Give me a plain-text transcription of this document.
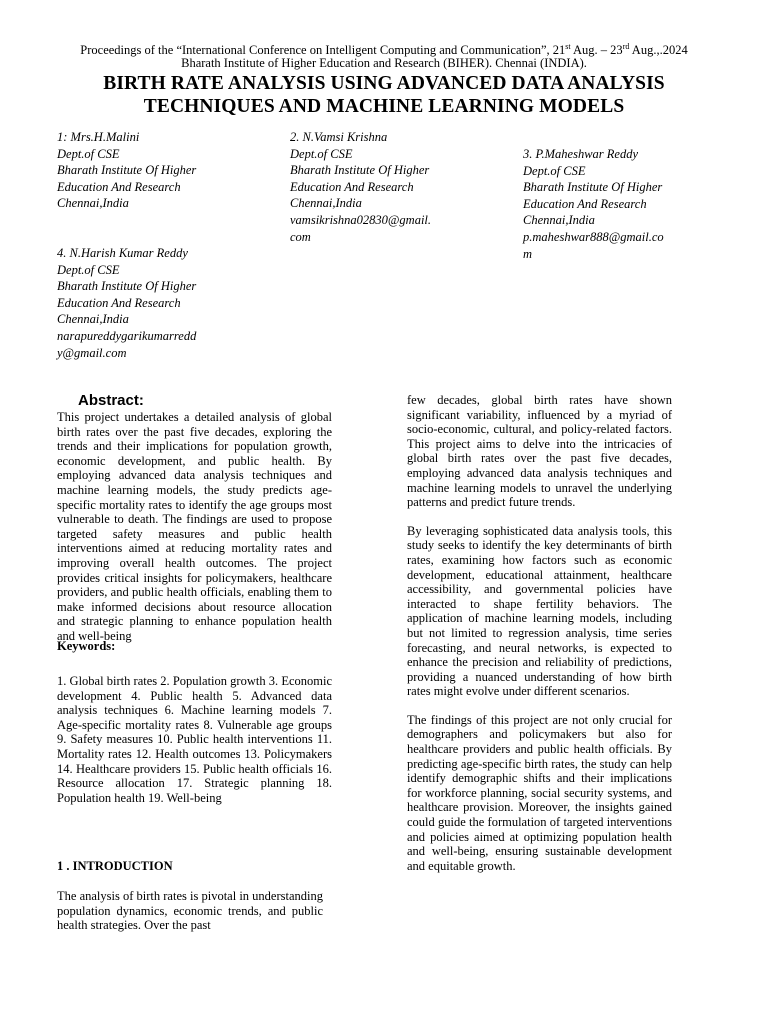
Proceedings of the “International Conference on Intelligent Computing and Communication”, 21st Aug. – 23rd Aug.,.2024
Bharath Institute of Higher Education and Research (BIHER). Chennai (INDIA).
BIRTH RATE ANALYSIS USING ADVANCED DATA ANALYSIS
TECHNIQUES AND MACHINE LEARNING MODELS
1: Mrs.H.Malini
Dept.of CSE
Bharath Institute Of Higher
Education And Research
Chennai,India
2. N.Vamsi Krishna
Dept.of CSE
Bharath Institute Of Higher
Education And Research
Chennai,India
vamsikrishna02830@gmail.
com
3. P.Maheshwar Reddy
Dept.of CSE
Bharath Institute Of Higher
Education And Research
Chennai,India
p.maheshwar888@gmail.co
m
4. N.Harish Kumar Reddy
Dept.of CSE
Bharath Institute Of Higher
Education And Research
Chennai,India
narapureddygarikumarredd
y@gmail.com
Abstract:

This project undertakes a detailed analysis of global birth rates over the past five decades, exploring the trends and their implications for population growth, economic development, and public health. By employing advanced data analysis techniques and machine learning models, the study predicts age-specific mortality rates to identify the age groups most vulnerable to death. The findings are used to propose targeted safety measures and public health interventions aimed at reducing mortality rates and improving overall health outcomes. The project provides critical insights for policymakers, healthcare providers, and public health officials, enabling them to make informed decisions about resource allocation and strategic planning to enhance population health and well-being

Keywords:

1. Global birth rates 2. Population growth 3. Economic development 4. Public health 5. Advanced data analysis techniques 6. Machine learning models 7. Age-specific mortality rates 8. Vulnerable age groups 9. Safety measures 10. Public health interventions 11. Mortality rates 12. Health outcomes 13. Policymakers 14. Healthcare providers 15. Public health officials 16. Resource allocation 17. Strategic planning 18. Population health 19. Well-being

1 . INTRODUCTION

The analysis of birth rates is pivotal in understanding population dynamics, economic trends, and public health strategies. Over the past

few decades, global birth rates have shown significant variability, influenced by a myriad of socio-economic, cultural, and policy-related factors. This project aims to delve into the intricacies of global birth rates over the past five decades, employing advanced data analysis techniques and machine learning models to unravel the underlying patterns and predict future trends.

By leveraging sophisticated data analysis tools, this study seeks to identify the key determinants of birth rates, examining how factors such as economic development, educational attainment, healthcare accessibility, and governmental policies have interacted to shape fertility behaviors. The application of machine learning models, including but not limited to regression analysis, time series forecasting, and neural networks, is expected to enhance the precision and reliability of predictions, providing a nuanced understanding of how birth rates might evolve under different scenarios.

The findings of this project are not only crucial for demographers and policymakers but also for healthcare providers and public health officials. By predicting age-specific birth rates, the study can help identify demographic shifts and their implications for workforce planning, social security systems, and healthcare provision. Moreover, the insights gained could guide the formulation of targeted interventions and policies aimed at optimizing population health and well-being, ensuring sustainable development and equitable growth.
